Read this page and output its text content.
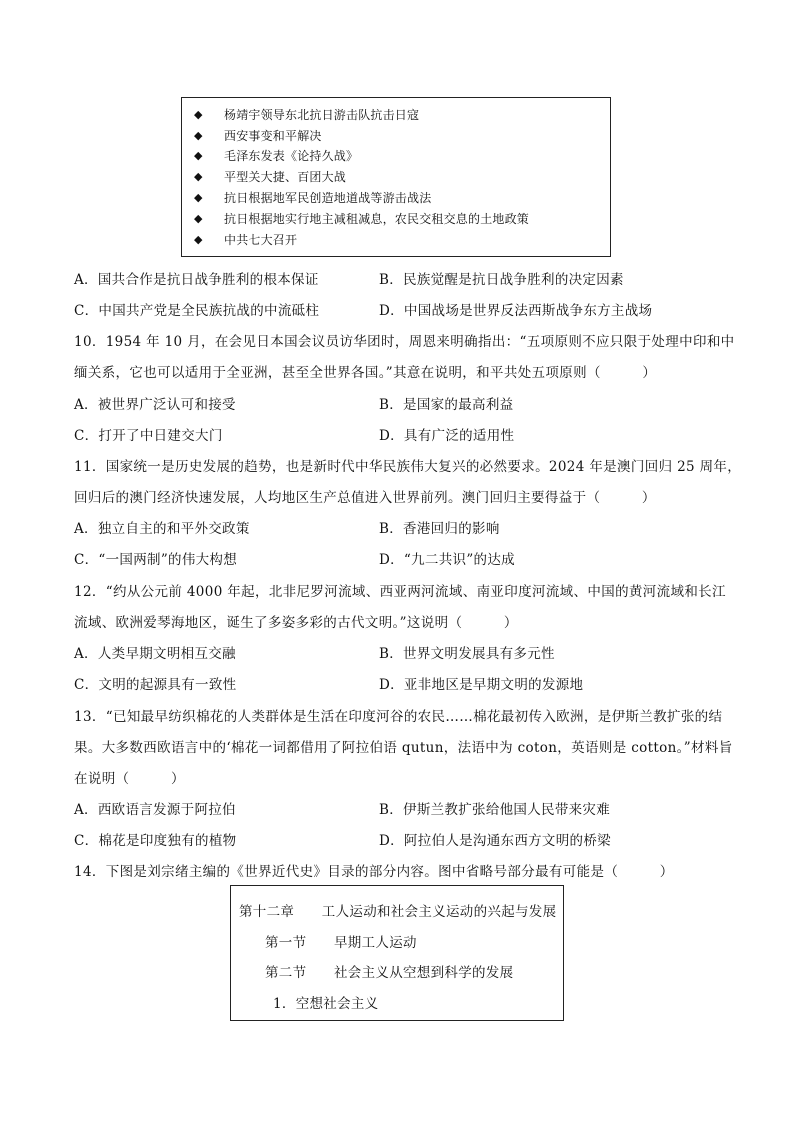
◆	杨靖宇领导东北抗日游击队抗击日寇
◆	西安事变和平解决
◆	毛泽东发表《论持久战》
◆	平型关大捷、百团大战
◆	抗日根据地军民创造地道战等游击战法
◆	抗日根据地实行地主减租减息，农民交租交息的土地政策
◆	中共七大召开
A．国共合作是抗日战争胜利的根本保证	B．民族觉醒是抗日战争胜利的决定因素
C．中国共产党是全民族抗战的中流砥柱	D．中国战场是世界反法西斯战争东方主战场
10．1954 年 10 月，在会见日本国会议员访华团时，周恩来明确指出：“五项原则不应只限于处理中印和中
缅关系，它也可以适用于全亚洲，甚至全世界各国。”其意在说明，和平共处五项原则（　　　）
A．被世界广泛认可和接受	B．是国家的最高利益
C．打开了中日建交大门	D．具有广泛的适用性
11．国家统一是历史发展的趋势，也是新时代中华民族伟大复兴的必然要求。2024 年是澳门回归 25 周年，
回归后的澳门经济快速发展，人均地区生产总值进入世界前列。澳门回归主要得益于（　　　）
A．独立自主的和平外交政策	B．香港回归的影响
C．“一国两制”的伟大构想	D．“九二共识”的达成
12．“约从公元前 4000 年起，北非尼罗河流域、西亚两河流域、南亚印度河流域、中国的黄河流域和长江
流域、欧洲爱琴海地区，诞生了多姿多彩的古代文明。”这说明（　　　）
A．人类早期文明相互交融	B．世界文明发展具有多元性
C．文明的起源具有一致性	D．亚非地区是早期文明的发源地
13．“已知最早纺织棉花的人类群体是生活在印度河谷的农民……棉花最初传入欧洲，是伊斯兰教扩张的结
果。大多数西欧语言中的‘棉花一词都借用了阿拉伯语 qutun，法语中为 coton，英语则是 cotton。”材料旨
在说明（　　　）
A．西欧语言发源于阿拉伯	B．伊斯兰教扩张给他国人民带来灾难
C．棉花是印度独有的植物	D．阿拉伯人是沟通东西方文明的桥梁
14．下图是刘宗绪主编的《世界近代史》目录的部分内容。图中省略号部分最有可能是（　　　）
第十二章　　工人运动和社会主义运动的兴起与发展
第一节　　早期工人运动
第二节　　社会主义从空想到科学的发展
1．空想社会主义
